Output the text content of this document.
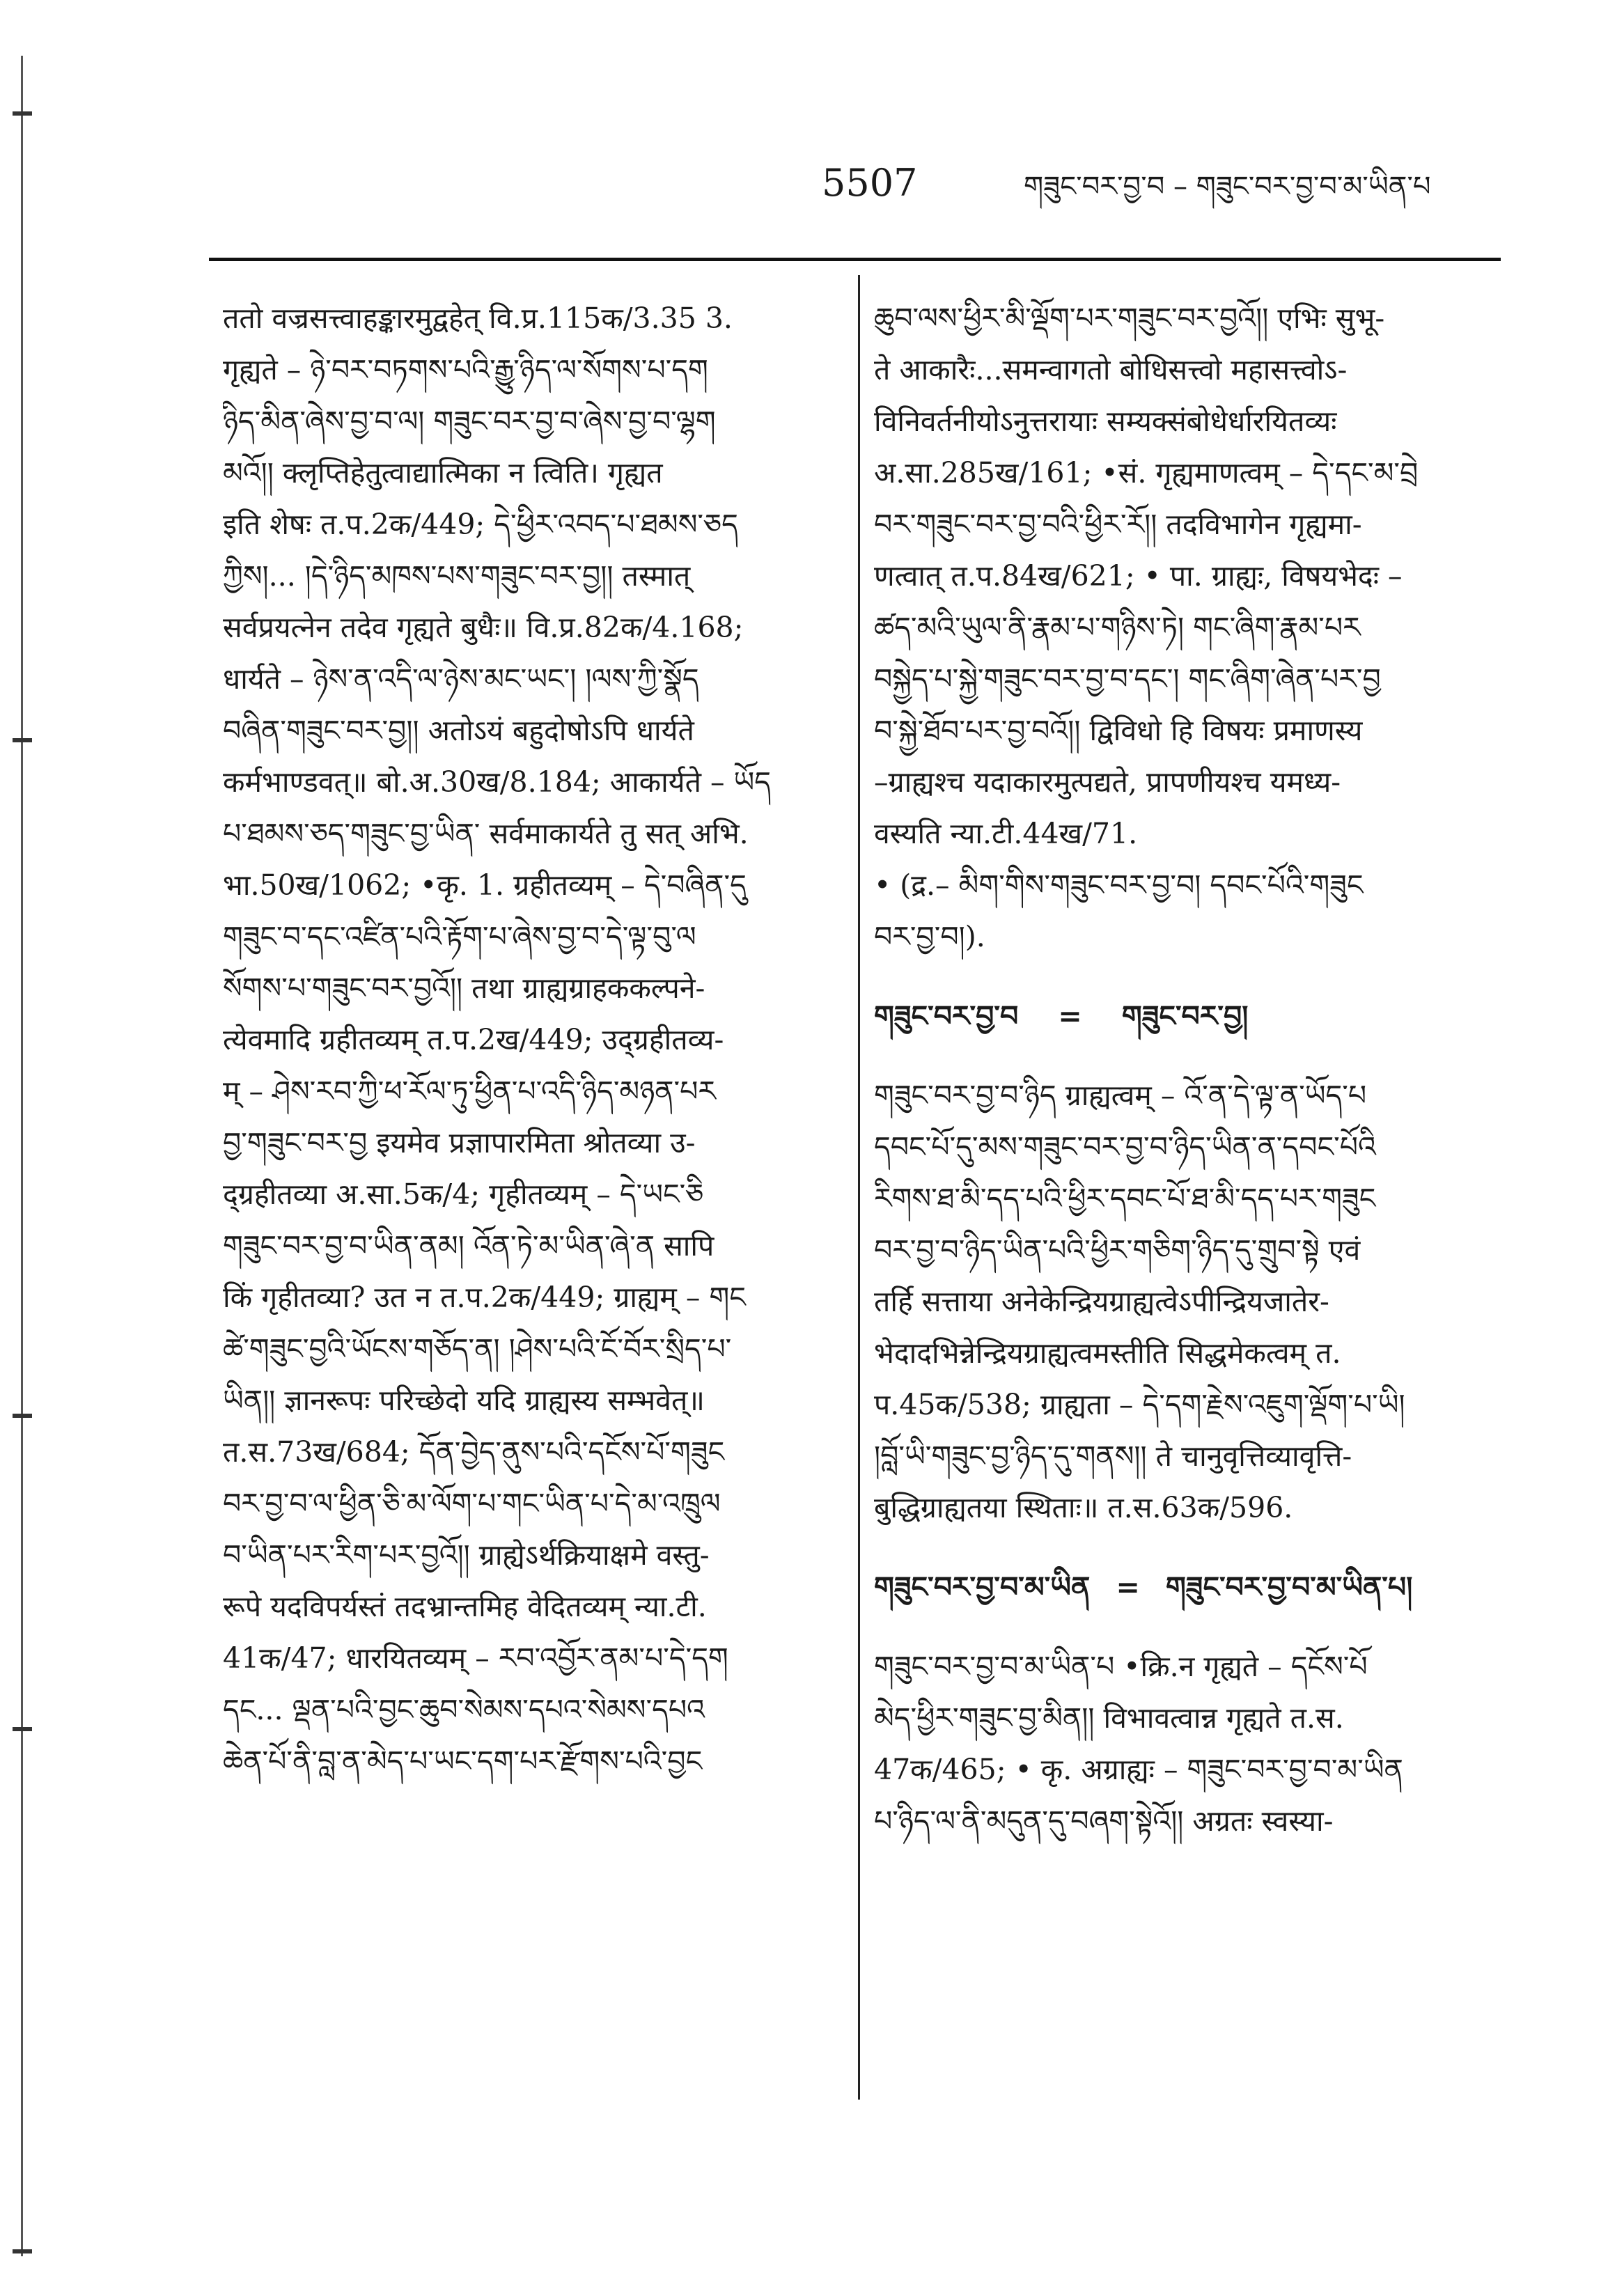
5507	གཟུང་བར་བྱ་བ – གཟུང་བར་བྱ་བ་མ་ཡིན་པ
ततो वज्रसत्त्वाहङ्कारमुद्वहेत् वि.प्र.115क/3.35 3.
गृह्यते – ཉེ་བར་བཏགས་པའི་རྒྱུ་ཉིད་ལ་སོགས་པ་དག
ཉིད་མིན་ཞེས་བྱ་བ་ལ། གཟུང་བར་བྱ་བ་ཞེས་བྱ་བ་ལྷག
མའོ།། क्लृप्तिहेतुत्वाद्यात्मिका न त्विति। गृह्यत
इति शेषः त.प.2क/449; དེ་ཕྱིར་འབད་པ་ཐམས་ཅད
ཀྱིས།... །དེ་ཉིད་མཁས་པས་གཟུང་བར་བྱ།། तस्मात्
सर्वप्रयत्नेन तदेव गृह्यते बुधैः॥ वि.प्र.82क/4.168;
धार्यते – ཉེས་ན་འདི་ལ་ཉེས་མང་ཡང་། །ལས་ཀྱི་སྣོད
བཞིན་གཟུང་བར་བྱ།། अतोऽयं बहुदोषोऽपि धार्यते
कर्मभाण्डवत्॥ बो.अ.30ख/8.184; आकार्यते – ཡོད
པ་ཐམས་ཅད་གཟུང་བྱ་ཡིན་ सर्वमाकार्यते तु सत् अभि.
भा.50ख/1062; •कृ. 1. ग्रहीतव्यम् – དེ་བཞིན་དུ
གཟུང་བ་དང་འཛིན་པའི་རྟོག་པ་ཞེས་བྱ་བ་དེ་ལྟ་བུ་ལ
སོགས་པ་གཟུང་བར་བྱའོ།། तथा ग्राह्यग्राहककल्पने-
त्येवमादि ग्रहीतव्यम् त.प.2ख/449; उद्ग्रहीतव्य-
म् – ཤེས་རབ་ཀྱི་ཕ་རོལ་ཏུ་ཕྱིན་པ་འདི་ཉིད་མཉན་པར
བྱ་གཟུང་བར་བྱ इयमेव प्रज्ञापारमिता श्रोतव्या उ-
द्ग्रहीतव्या अ.सा.5क/4; गृहीतव्यम् – དེ་ཡང་ཅི
གཟུང་བར་བྱ་བ་ཡིན་ནམ། འོན་ཏེ་མ་ཡིན་ཞེ་ན सापि
किं गृहीतव्या? उत न त.प.2क/449; ग्राह्यम् – གང
ཚེ་གཟུང་བྱའི་ཡོངས་གཅོད་ན། །ཤེས་པའི་ངོ་བོར་སྲིད་པ་
ཡིན།། ज्ञानरूपः परिच्छेदो यदि ग्राह्यस्य सम्भवेत्॥
त.स.73ख/684; དོན་བྱེད་ནུས་པའི་དངོས་པོ་གཟུང
བར་བྱ་བ་ལ་ཕྱིན་ཅི་མ་ལོག་པ་གང་ཡིན་པ་དེ་མ་འཁྲུལ
བ་ཡིན་པར་རིག་པར་བྱའོ།། ग्राह्येऽर्थक्रियाक्षमे वस्तु-
रूपे यदविपर्यस्तं तदभ्रान्तमिह वेदितव्यम् न्या.टी.
41क/47; धारयितव्यम् – རབ་འབྱོར་ནམ་པ་དེ་དག
དང... ལྡན་པའི་བྱང་ཆུབ་སེམས་དཔའ་སེམས་དཔའ
ཆེན་པོ་ནི་བླ་ན་མེད་པ་ཡང་དག་པར་རྫོགས་པའི་བྱང
ཆུབ་ལས་ཕྱིར་མི་ལྡོག་པར་གཟུང་བར་བྱའོ།། एभिः सुभू-
ते आकारैः...समन्वागतो बोधिसत्त्वो महासत्त्वोऽ-
विनिवर्तनीयोऽनुत्तरायाः सम्यक्संबोधेर्धारयितव्यः
अ.सा.285ख/161; •सं. गृह्यमाणत्वम् – དེ་དང་མ་བྲེ
བར་གཟུང་བར་བྱ་བའི་ཕྱིར་རོ།། तदविभागेन गृह्यमा-
णत्वात् त.प.84ख/621; • पा. ग्राह्यः, विषयभेदः –
ཚད་མའི་ཡུལ་ནི་རྣམ་པ་གཉིས་ཏེ། གང་ཞིག་རྣམ་པར
བསྐྱེད་པ་སྐྱེ་གཟུང་བར་བྱ་བ་དང་། གང་ཞིག་ཞེན་པར་བྱ
བ་སྐྱེ་ཐོབ་པར་བྱ་བའོ།། द्विविधो हि विषयः प्रमाणस्य
–ग्राह्यश्च यदाकारमुत्पद्यते, प्रापणीयश्च यमध्य-
वस्यति न्या.टी.44ख/71.
• (द्र.– མིག་གིས་གཟུང་བར་བྱ་བ། དབང་པོའི་གཟུང
བར་བྱ་བ།).
གཟུང་བར་བྱ་བ = གཟུང་བར་བྱ།
གཟུང་བར་བྱ་བ་ཉིད ग्राह्यत्वम् – འོ་ན་དེ་ལྟ་ན་ཡོད་པ
དབང་པོ་དུ་མས་གཟུང་བར་བྱ་བ་ཉིད་ཡིན་ན་དབང་པོའི
རིགས་ཐ་མི་དད་པའི་ཕྱིར་དབང་པོ་ཐ་མི་དད་པར་གཟུང
བར་བྱ་བ་ཉིད་ཡིན་པའི་ཕྱིར་གཅིག་ཉིད་དུ་གྲུབ་སྟེ एवं
तर्हि सत्ताया अनेकेन्द्रियग्राह्यत्वेऽपीन्द्रियजातेर-
भेदादभिन्नेन्द्रियग्राह्यत्वमस्तीति सिद्धमेकत्वम् त.
प.45क/538; ग्राह्यता – དེ་དག་རྗེས་འཇུག་ལྡོག་པ་ཡི།
།བློ་ཡི་གཟུང་བྱ་ཉིད་དུ་གནས།། ते चानुवृत्तिव्यावृत्ति-
बुद्धिग्राह्यतया स्थिताः॥ त.स.63क/596.
གཟུང་བར་བྱ་བ་མ་ཡིན = གཟུང་བར་བྱ་བ་མ་ཡིན་པ།
གཟུང་བར་བྱ་བ་མ་ཡིན་པ •क्रि.न गृह्यते – དངོས་པོ
མེད་ཕྱིར་གཟུང་བྱ་མིན།། विभावत्वान्न गृह्यते त.स.
47क/465; • कृ. अग्राह्यः – གཟུང་བར་བྱ་བ་མ་ཡིན
པ་ཉིད་ལ་ནི་མདུན་དུ་བཞག་སྟེའོ།། अग्रतः स्वस्या-
